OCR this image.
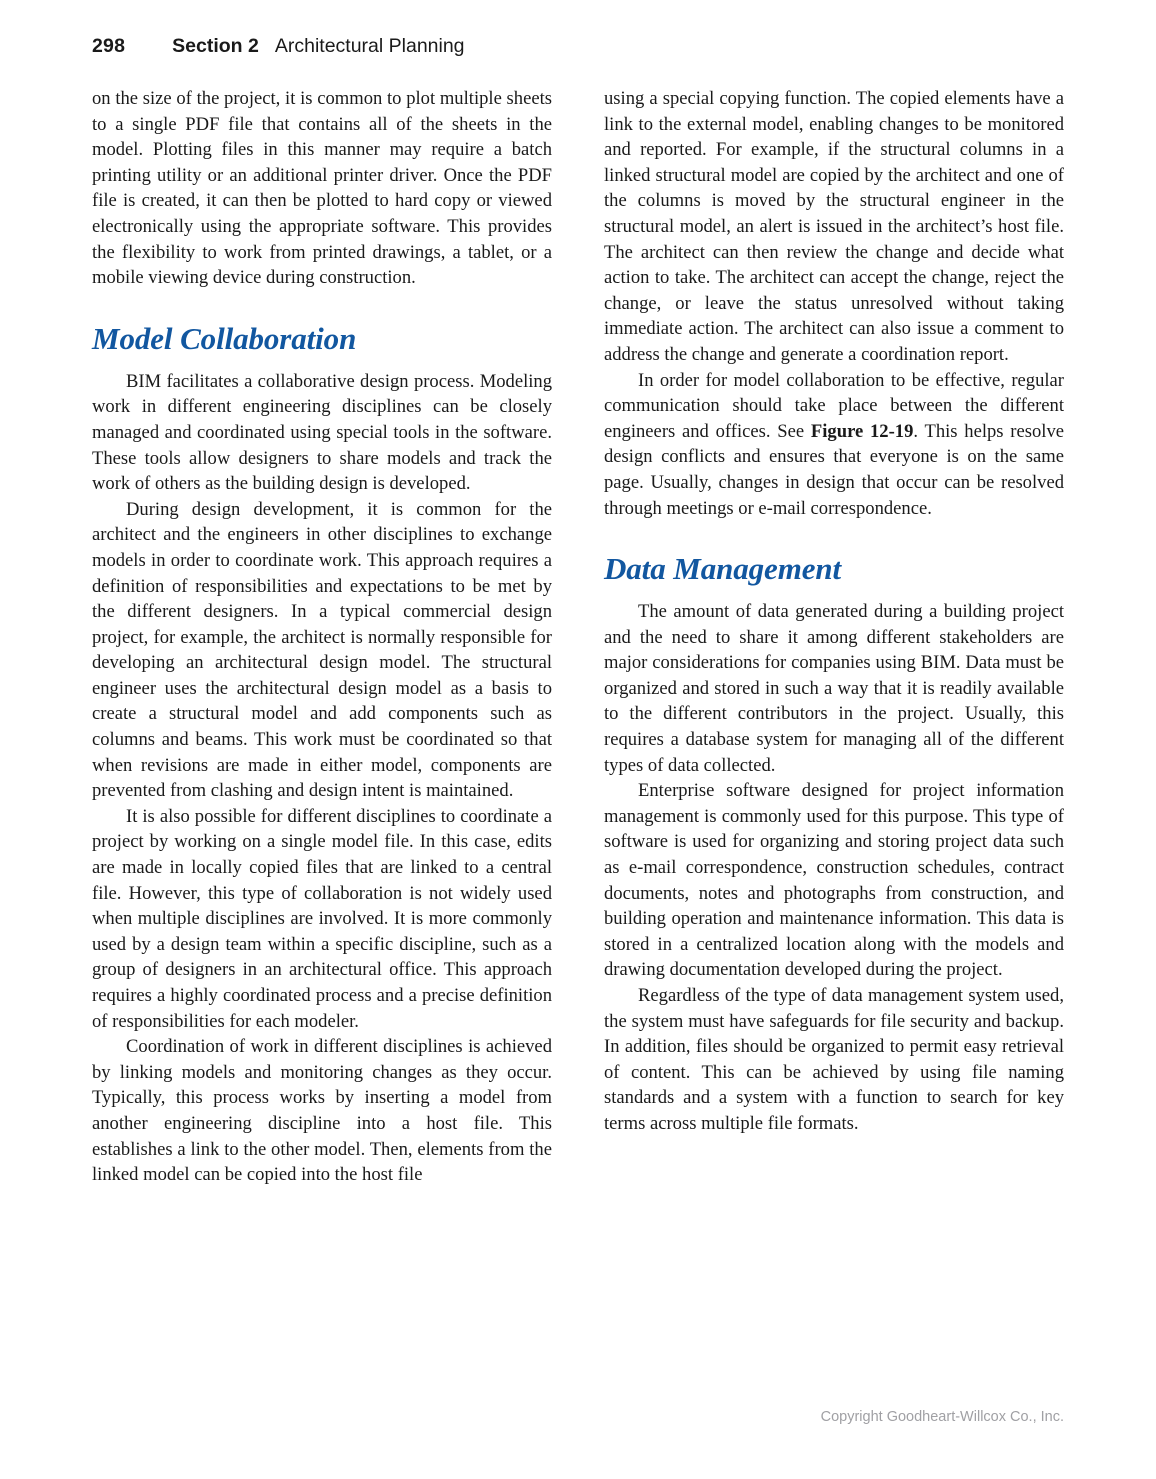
298 Section 2 Architectural Planning

on the size of the project, it is common to plot multiple sheets to a single PDF file that contains all of the sheets in the model. Plotting files in this manner may require a batch printing utility or an additional printer driver. Once the PDF file is created, it can then be plotted to hard copy or viewed electronically using the appropriate software. This provides the flexibility to work from printed drawings, a tablet, or a mobile viewing device during construction.

Model Collaboration

BIM facilitates a collaborative design process. Modeling work in different engineering disciplines can be closely managed and coordinated using special tools in the software. These tools allow designers to share models and track the work of others as the building design is developed.

During design development, it is common for the architect and the engineers in other disciplines to exchange models in order to coordinate work. This approach requires a definition of responsibilities and expectations to be met by the different designers. In a typical commercial design project, for example, the architect is normally responsible for developing an architectural design model. The structural engineer uses the architectural design model as a basis to create a structural model and add components such as columns and beams. This work must be coordinated so that when revisions are made in either model, components are prevented from clashing and design intent is maintained.

It is also possible for different disciplines to coordinate a project by working on a single model file. In this case, edits are made in locally copied files that are linked to a central file. However, this type of collaboration is not widely used when multiple disciplines are involved. It is more commonly used by a design team within a specific discipline, such as a group of designers in an architectural office. This approach requires a highly coordinated process and a precise definition of responsibilities for each modeler.

Coordination of work in different disciplines is achieved by linking models and monitoring changes as they occur. Typically, this process works by inserting a model from another engineering discipline into a host file. This establishes a link to the other model. Then, elements from the linked model can be copied into the host file

using a special copying function. The copied elements have a link to the external model, enabling changes to be monitored and reported. For example, if the structural columns in a linked structural model are copied by the architect and one of the columns is moved by the structural engineer in the structural model, an alert is issued in the architect’s host file. The architect can then review the change and decide what action to take. The architect can accept the change, reject the change, or leave the status unresolved without taking immediate action. The architect can also issue a comment to address the change and generate a coordination report.

In order for model collaboration to be effective, regular communication should take place between the different engineers and offices. See Figure 12-19. This helps resolve design conflicts and ensures that everyone is on the same page. Usually, changes in design that occur can be resolved through meetings or e-mail correspondence.

Data Management

The amount of data generated during a building project and the need to share it among different stakeholders are major considerations for companies using BIM. Data must be organized and stored in such a way that it is readily available to the different contributors in the project. Usually, this requires a database system for managing all of the different types of data collected.

Enterprise software designed for project information management is commonly used for this purpose. This type of software is used for organizing and storing project data such as e-mail correspondence, construction schedules, contract documents, notes and photographs from construction, and building operation and maintenance information. This data is stored in a centralized location along with the models and drawing documentation developed during the project.

Regardless of the type of data management system used, the system must have safeguards for file security and backup. In addition, files should be organized to permit easy retrieval of content. This can be achieved by using file naming standards and a system with a function to search for key terms across multiple file formats.

Copyright Goodheart-Willcox Co., Inc.
